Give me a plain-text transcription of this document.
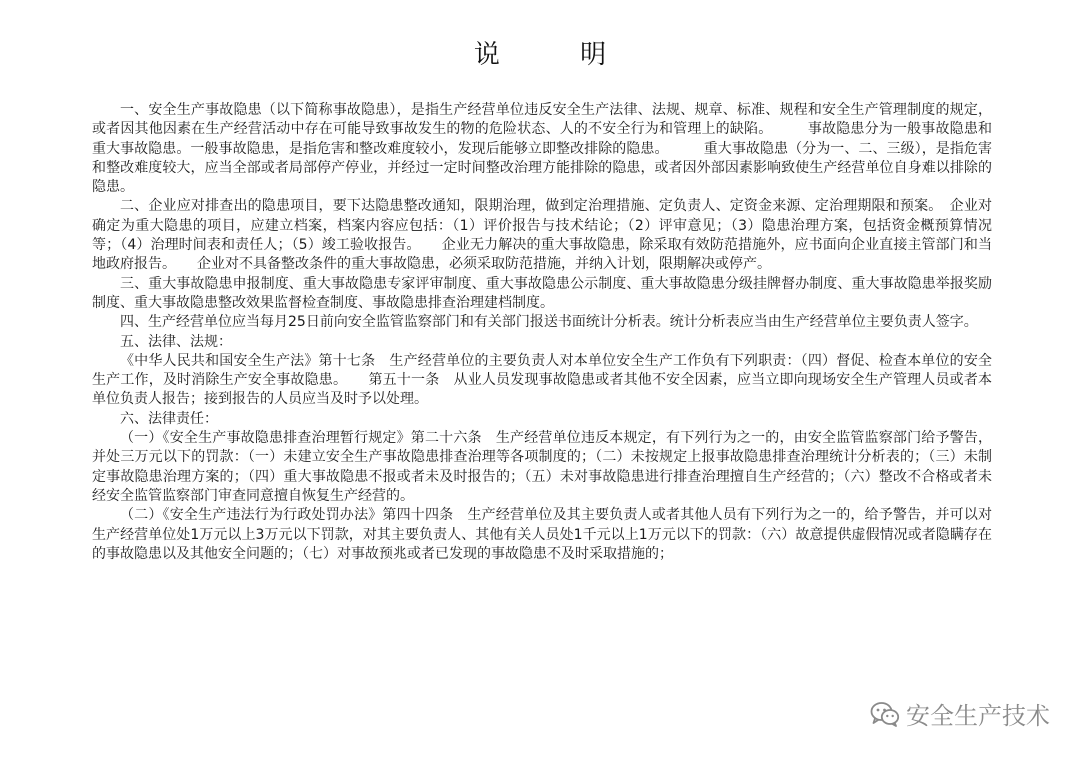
说 明

一、安全生产事故隐患（以下简称事故隐患），是指生产经营单位违反安全生产法律、法规、规章、标准、规程和安全生产管理制度的规定，或者因其他因素在生产经营活动中存在可能导致事故发生的物的危险状态、人的不安全行为和管理上的缺陷。　　　事故隐患分为一般事故隐患和重大事故隐患。一般事故隐患，是指危害和整改难度较小，发现后能够立即整改排除的隐患。　　　重大事故隐患（分为一、二、三级），是指危害和整改难度较大，应当全部或者局部停产停业，并经过一定时间整改治理方能排除的隐患，或者因外部因素影响致使生产经营单位自身难以排除的隐患。

二、企业应对排查出的隐患项目，要下达隐患整改通知，限期治理，做到定治理措施、定负责人、定资金来源、定治理期限和预案。　企业对确定为重大隐患的项目，应建立档案，档案内容应包括：（1）评价报告与技术结论；（2）评审意见；（3）隐患治理方案，包括资金概预算情况等；（4）治理时间表和责任人；（5）竣工验收报告。　　企业无力解决的重大事故隐患，除采取有效防范措施外，应书面向企业直接主管部门和当地政府报告。　　企业对不具备整改条件的重大事故隐患，必须采取防范措施，并纳入计划，限期解决或停产。

三、重大事故隐患申报制度、重大事故隐患专家评审制度、重大事故隐患公示制度、重大事故隐患分级挂牌督办制度、重大事故隐患举报奖励制度、重大事故隐患整改效果监督检查制度、事故隐患排查治理建档制度。

四、生产经营单位应当每月25日前向安全监管监察部门和有关部门报送书面统计分析表。统计分析表应当由生产经营单位主要负责人签字。

五、法律、法规：

《中华人民共和国安全生产法》第十七条　生产经营单位的主要负责人对本单位安全生产工作负有下列职责：（四）督促、检查本单位的安全生产工作，及时消除生产安全事故隐患。　　第五十一条　从业人员发现事故隐患或者其他不安全因素，应当立即向现场安全生产管理人员或者本单位负责人报告；接到报告的人员应当及时予以处理。

六、法律责任：

（一）《安全生产事故隐患排查治理暂行规定》第二十六条　生产经营单位违反本规定，有下列行为之一的，由安全监管监察部门给予警告，并处三万元以下的罚款：（一）未建立安全生产事故隐患排查治理等各项制度的；（二）未按规定上报事故隐患排查治理统计分析表的；（三）未制定事故隐患治理方案的；（四）重大事故隐患不报或者未及时报告的；（五）未对事故隐患进行排查治理擅自生产经营的；（六）整改不合格或者未经安全监管监察部门审查同意擅自恢复生产经营的。

（二）《安全生产违法行为行政处罚办法》第四十四条　生产经营单位及其主要负责人或者其他人员有下列行为之一的，给予警告，并可以对生产经营单位处1万元以上3万元以下罚款，对其主要负责人、其他有关人员处1千元以上1万元以下的罚款：（六）故意提供虚假情况或者隐瞒存在的事故隐患以及其他安全问题的；（七）对事故预兆或者已发现的事故隐患不及时采取措施的；

安全生产技术
